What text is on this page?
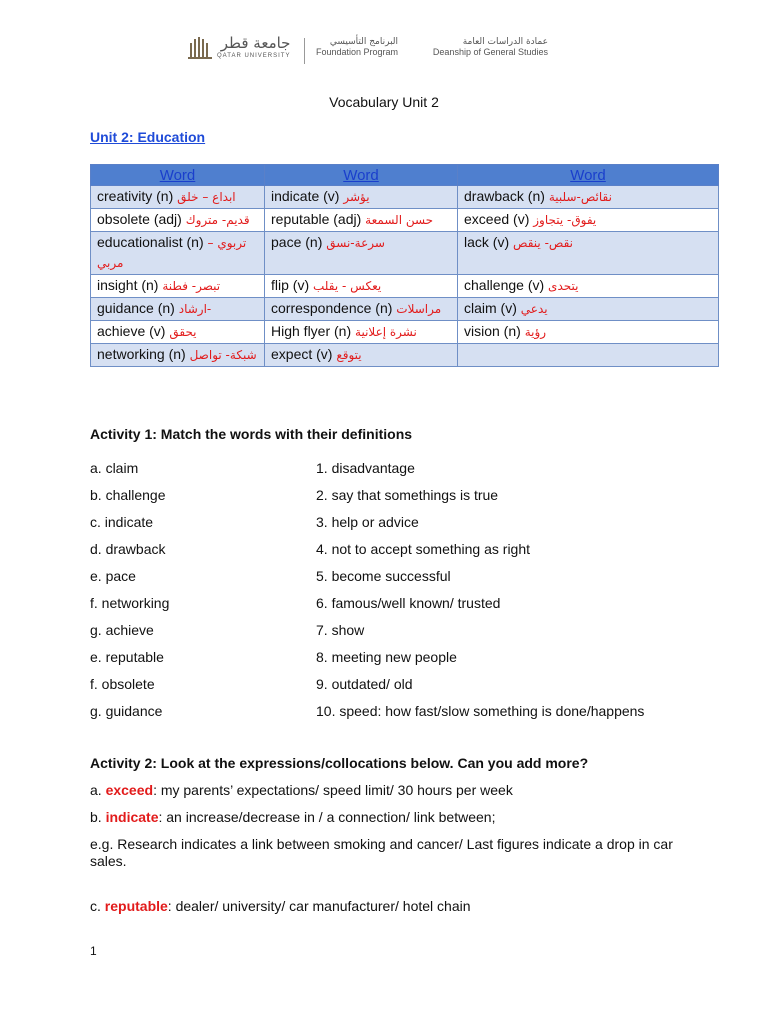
جامعة قطر
QATAR UNIVERSITY
البرنامج التأسيسي
Foundation Program
عمادة الدراسات العامة
Deanship of General Studies
Vocabulary Unit 2
Unit 2: Education
Word	Word	Word
creativity (n) ابداع – خلق	indicate (v) يؤشر	drawback (n) نقائص-سلبية
obsolete (adj) قديم- متروك	reputable (adj) حسن السمعة	exceed (v) يفوق- يتجاوز
educationalist (n) تربوي – مربي	pace (n) سرعة-نسق	lack (v) نقص- ينقص
insight (n) تبصر- فطنة	flip (v) يعكس - يقلب	challenge (v) يتحدى
guidance (n) ارشاد-	correspondence (n) مراسلات	claim (v) يدعي
achieve (v) يحقق	High flyer (n) نشرة إعلانية	vision (n) رؤية
networking (n) شبكة- تواصل	expect (v) يتوقع	
Activity 1: Match the words with their definitions
a. claim	1. disadvantage
b. challenge	2. say that somethings is true
c. indicate	3. help or advice
d. drawback	4. not to accept something as right
e. pace	5. become successful
f. networking	6. famous/well known/ trusted
g. achieve	7. show
e. reputable	8. meeting new people
f. obsolete	9. outdated/ old
g. guidance	10. speed: how fast/slow something is done/happens
Activity 2: Look at the expressions/collocations below. Can you add more?
a. exceed: my parents’ expectations/ speed limit/ 30 hours per week
b. indicate: an increase/decrease in / a connection/ link between;
e.g. Research indicates a link between smoking and cancer/ Last figures indicate a drop in car sales.
c. reputable: dealer/ university/ car manufacturer/ hotel chain
1
